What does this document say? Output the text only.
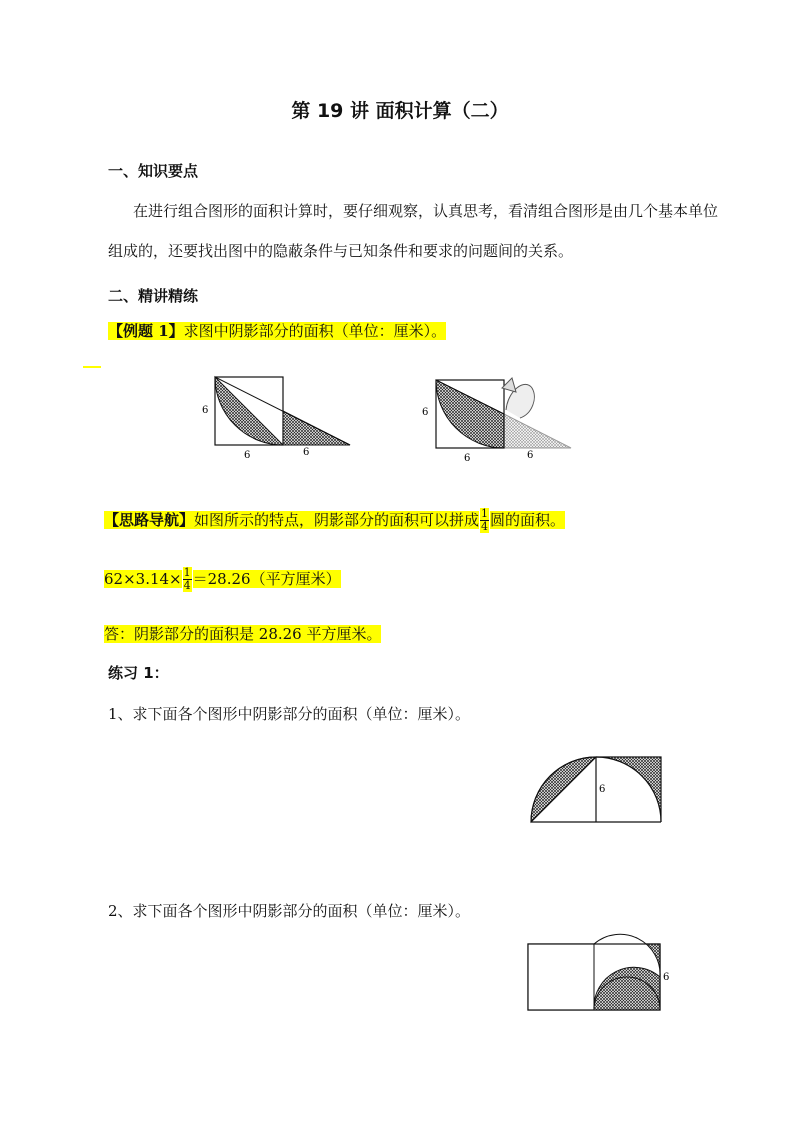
第 19 讲 面积计算（二）
一、知识要点
在进行组合图形的面积计算时，要仔细观察，认真思考，看清组合图形是由几个基本单位
组成的，还要找出图中的隐蔽条件与已知条件和要求的问题间的关系。
二、精讲精练
【例题 1】求图中阴影部分的面积（单位：厘米）。
6
6	6
6
6	6
【思路导航】如图所示的特点，阴影部分的面积可以拼成 $\frac{1}{4}$ 圆的面积。
$62\times 3.14\times \frac{1}{4} =28.26$（平方厘米）
答：阴影部分的面积是 28.26 平方厘米。
练习 1：
1、求下面各个图形中阴影部分的面积（单位：厘米）。
6
2、求下面各个图形中阴影部分的面积（单位：厘米）。
6
